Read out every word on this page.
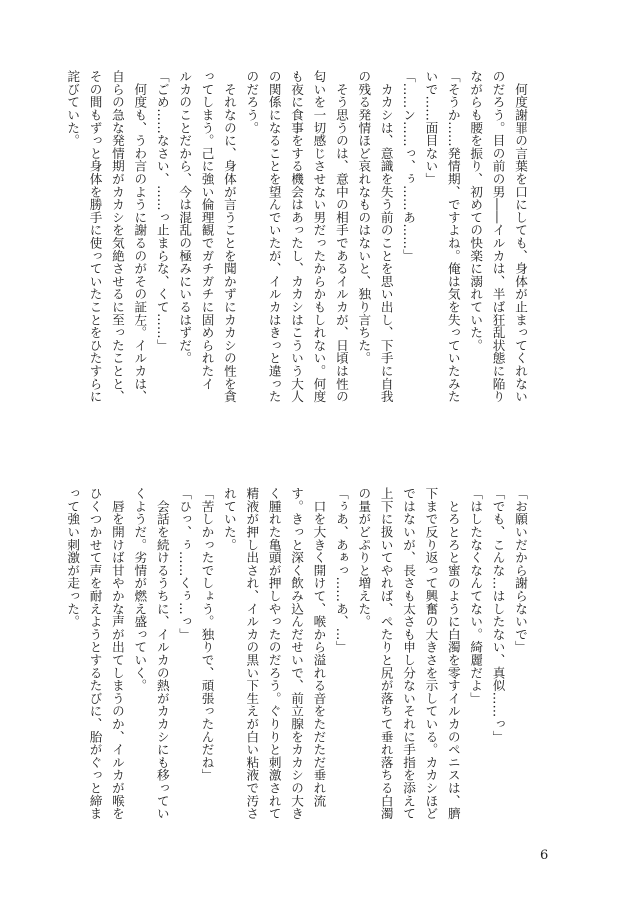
　何度謝罪の言葉を口にしても、身体が止まってくれない
のだろう。目の前の男――イルカは、半ば狂乱状態に陥り
ながらも腰を振り、初めての快楽に溺れていた。
「そうか……発情期、ですよね。俺は気を失っていたみた
いで……面目ない」
「……ン……っ、ぅ……あ……」
　カカシは、意識を失う前のことを思い出し、下手に自我
の残る発情ほど哀れなものはないと、独り言ちた。
　そう思うのは、意中の相手であるイルカが、日頃は性の
匂いを一切感じさせない男だったからかもしれない。何度
も夜に食事をする機会はあったし、カカシはこういう大人
の関係になることを望んでいたが、イルカはきっと違った
のだろう。
　それなのに、身体が言うことを聞かずにカカシの性を貪
ってしまう。己に強い倫理観でガチガチに固められたイ
ルカのことだから、今は混乱の極みにいるはずだ。
「ごめ……なさい、……っ止まらな、くて……」
　何度も、うわ言のように謝るのがその証左。イルカは、
自らの急な発情期がカカシを気絶させるに至ったことと、
その間もずっと身体を勝手に使っていたことをひたすらに
詫びていた。
「お願いだから謝らないで」
「でも、こんな…はしたない、真似……っ」
「はしたなくなんてない。綺麗だよ」
　とろとろと蜜のように白濁を零すイルカのペニスは、臍
下まで反り返って興奮の大きさを示している。カカシほど
ではないが、長さも太さも申し分ないそれに手指を添えて
上下に扱いてやれば、ぺたりと尻が落ちて垂れ落ちる白濁
の量がどぷりと増えた。
「ぅあ、あぁっ……あ、…」
　口を大きく開けて、喉から溢れる音をただただ垂れ流
す。きっと深く飲み込んだせいで、前立腺をカカシの大き
く腫れた亀頭が押しやったのだろう。ぐりりと刺激されて
精液が押し出され、イルカの黒い下生えが白い粘液で汚さ
れていた。
「苦しかったでしょう。独りで、頑張ったんだね」
「ひっ、ぅ……くぅ…っ」
　会話を続けるうちに、イルカの熱がカカシにも移ってい
くようだ。劣情が燃え盛っていく。
　唇を開けば甘やかな声が出てしまうのか、イルカが喉を
ひくつかせて声を耐えようとするたびに、胎がぐっと締ま
って強い刺激が走った。
6
